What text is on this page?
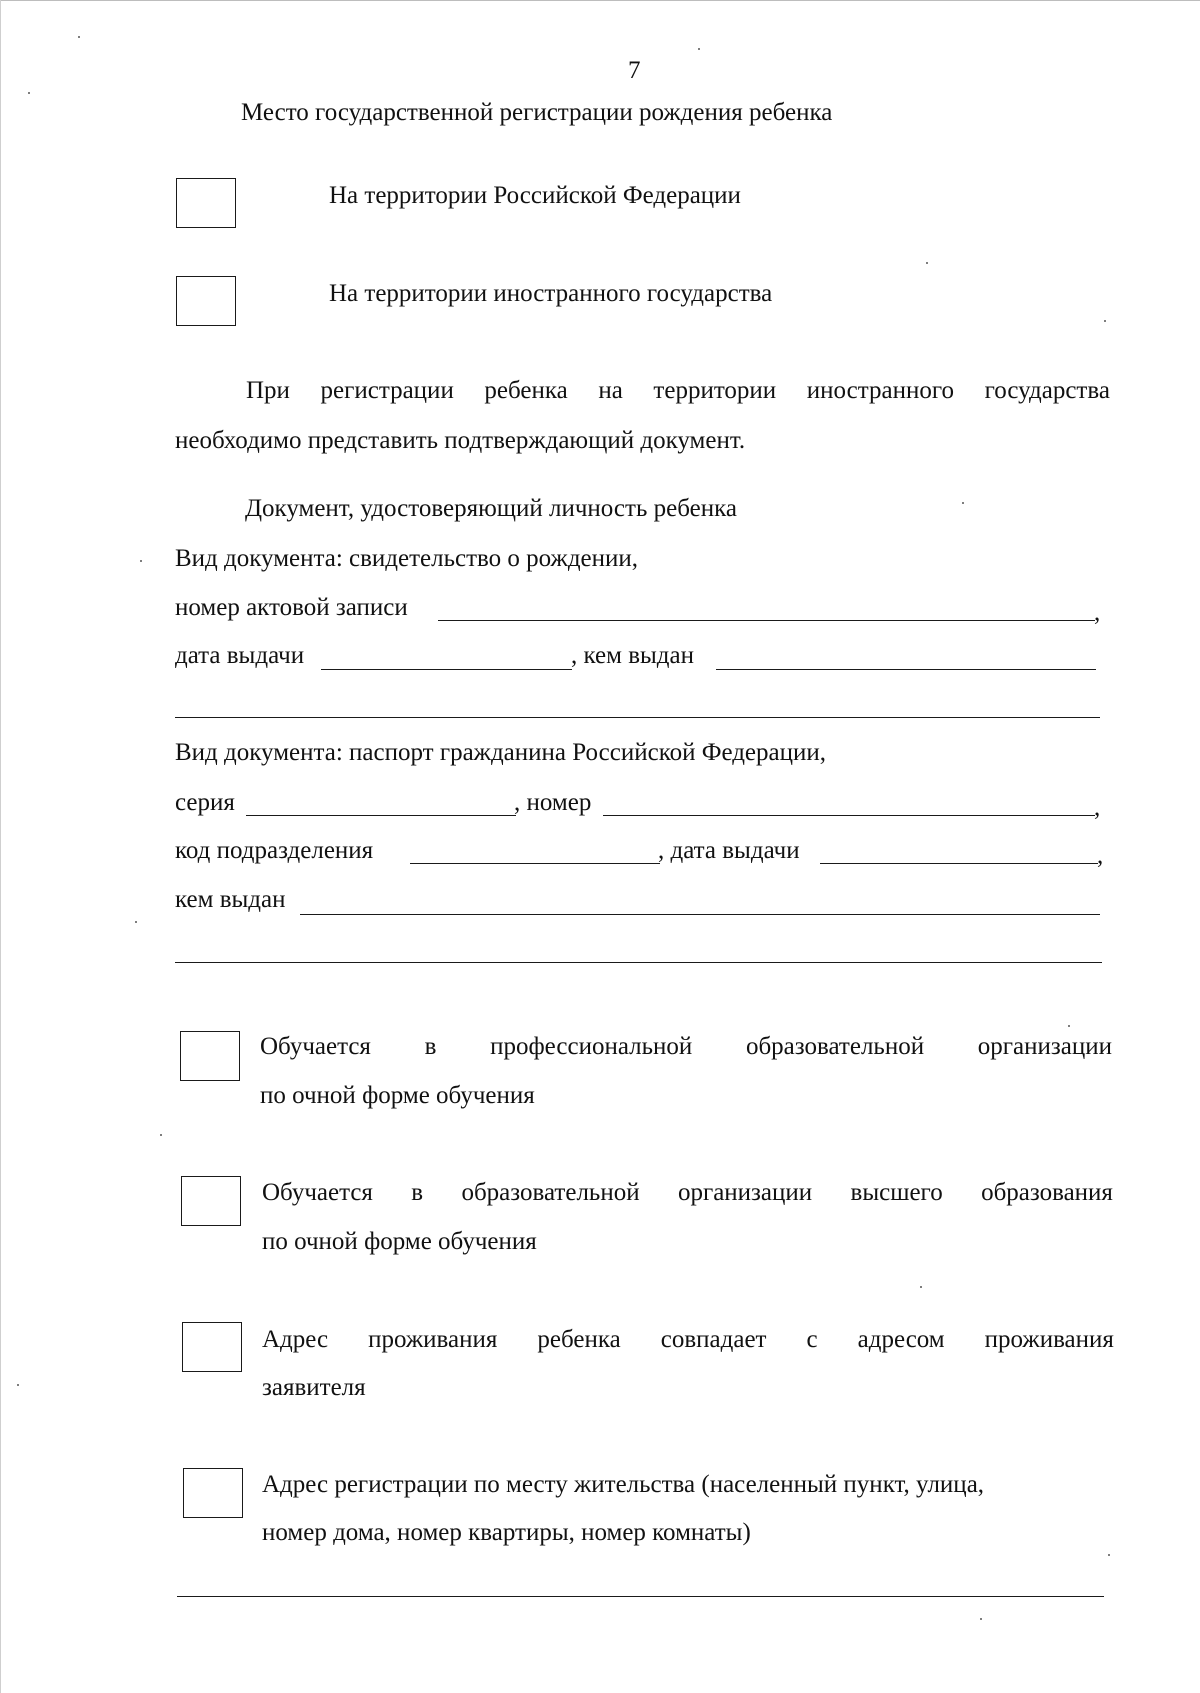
7
Место государственной регистрации рождения ребенка
На территории Российской Федерации
На территории иностранного государства
При регистрации ребенка на территории иностранного государства
необходимо представить подтверждающий документ.
Документ, удостоверяющий личность ребенка
Вид документа: свидетельство о рождении,
номер актовой записи	,
дата выдачи	, кем выдан
Вид документа: паспорт гражданина Российской Федерации,
серия	, номер	,
код подразделения	, дата выдачи	,
кем выдан
Обучается в профессиональной образовательной организации
по очной форме обучения
Обучается в образовательной организации высшего образования
по очной форме обучения
Адрес проживания ребенка совпадает с адресом проживания
заявителя
Адрес регистрации по месту жительства (населенный пункт, улица,
номер дома, номер квартиры, номер комнаты)
